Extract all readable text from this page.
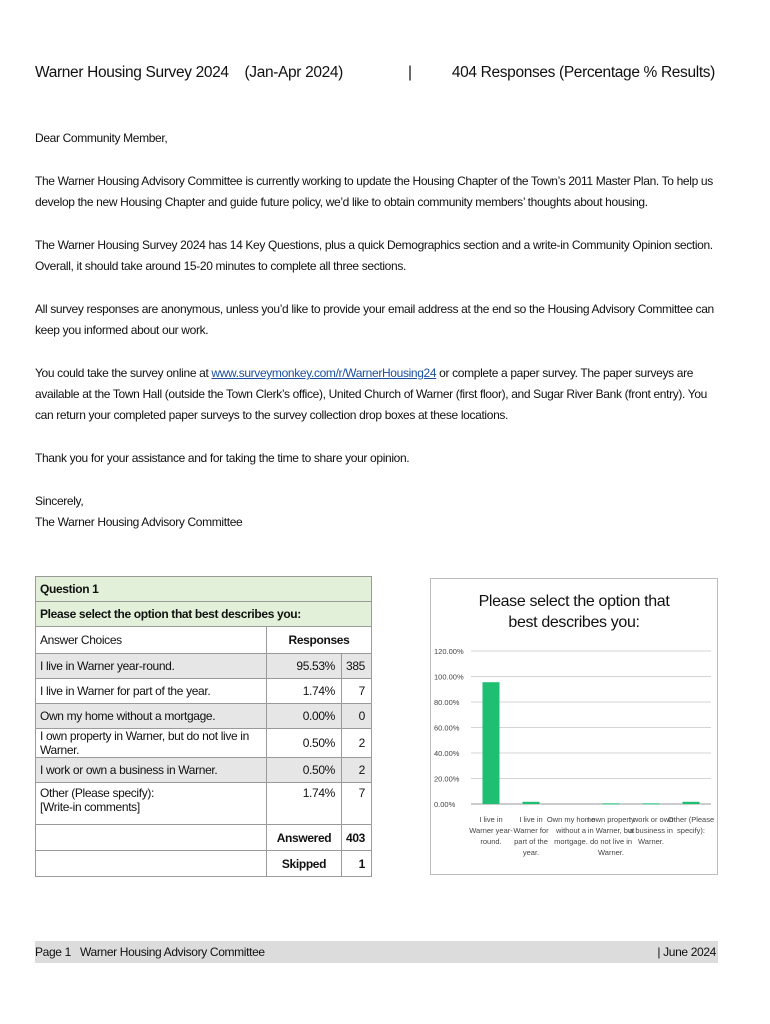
Warner Housing Survey 2024 (Jan-Apr 2024)	|	404 Responses (Percentage % Results)

Dear Community Member,

The Warner Housing Advisory Committee is currently working to update the Housing Chapter of the Town’s 2011 Master Plan. To help us develop the new Housing Chapter and guide future policy, we’d like to obtain community members’ thoughts about housing.

The Warner Housing Survey 2024 has 14 Key Questions, plus a quick Demographics section and a write-in Community Opinion section. Overall, it should take around 15-20 minutes to complete all three sections.

All survey responses are anonymous, unless you’d like to provide your email address at the end so the Housing Advisory Committee can keep you informed about our work.

You could take the survey online at www.surveymonkey.com/r/WarnerHousing24 or complete a paper survey. The paper surveys are available at the Town Hall (outside the Town Clerk’s office), United Church of Warner (first floor), and Sugar River Bank (front entry). You can return your completed paper surveys to the survey collection drop boxes at these locations.

Thank you for your assistance and for taking the time to share your opinion.

Sincerely,

The Warner Housing Advisory Committee

Question 1		
Please select the option that best describes you:		
Answer Choices	Responses	
I live in Warner year-round.	95.53%	385
I live in Warner for part of the year.	1.74%	7
Own my home without a mortgage.	0.00%	0
I own property in Warner, but do not live in Warner.	0.50%	2
I work or own a business in Warner.	0.50%	2
Other (Please specify):
[Write-in comments]	1.74%	7
	Answered	403
	Skipped	1
Please select the option that best describes you:
0.00%
20.00%
40.00%
60.00%
80.00%
100.00%
120.00%
I live in Warner year-round.
I live in Warner for part of the year.
Own my home without a mortgage.
I own property in Warner, but do not live in Warner.
I work or own a business in Warner.
Other (Please specify):
Page 1 Warner Housing Advisory Committee	| June 2024
